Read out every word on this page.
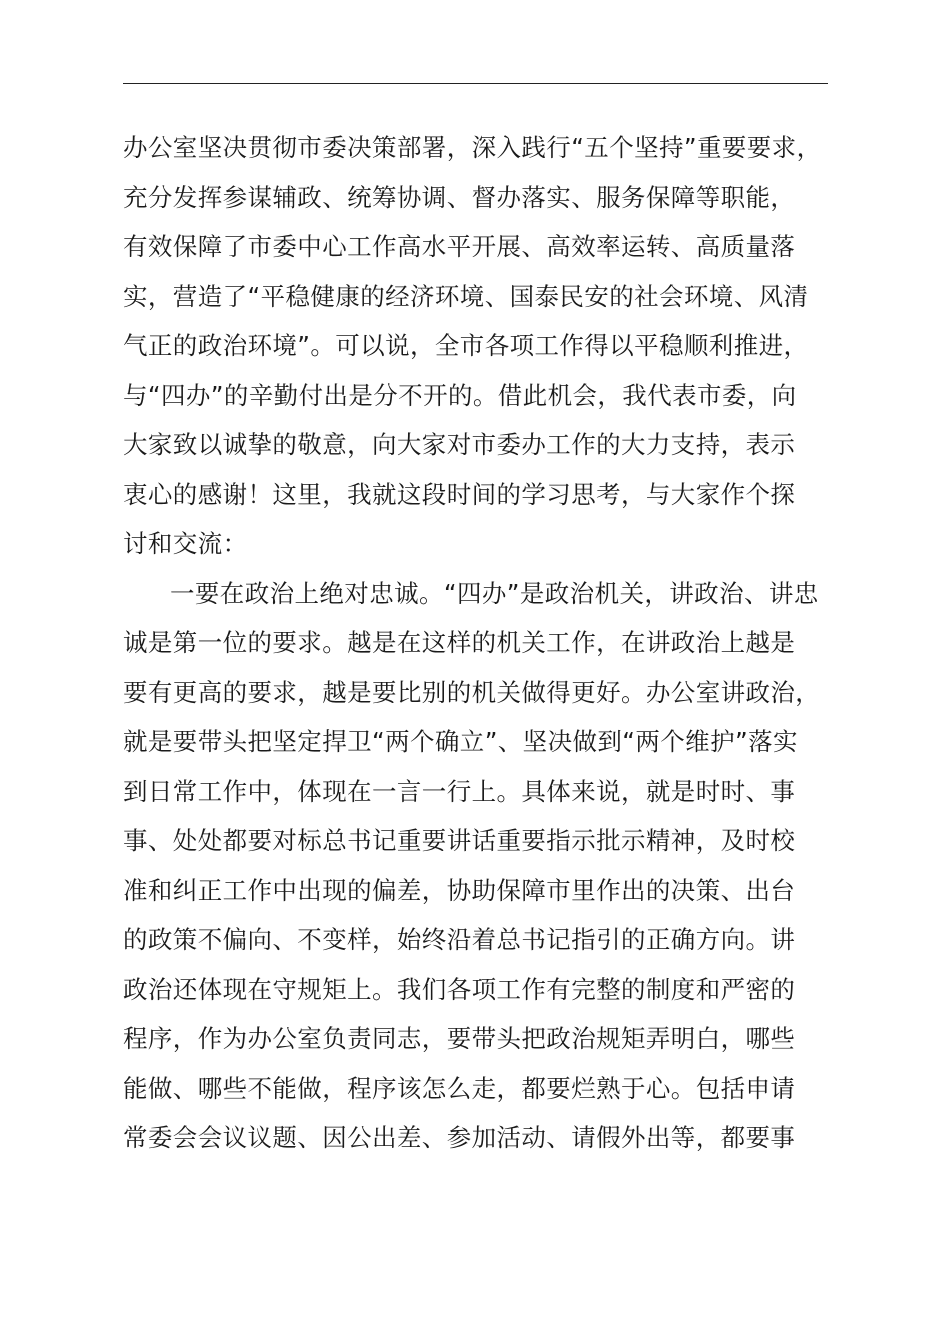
办公室坚决贯彻市委决策部署，深入践行“五个坚持”重要要求，
充分发挥参谋辅政、统筹协调、督办落实、服务保障等职能，
有效保障了市委中心工作高水平开展、高效率运转、高质量落
实，营造了“平稳健康的经济环境、国泰民安的社会环境、风清
气正的政治环境”。可以说，全市各项工作得以平稳顺利推进，
与“四办”的辛勤付出是分不开的。借此机会，我代表市委，向
大家致以诚挚的敬意，向大家对市委办工作的大力支持，表示
衷心的感谢！这里，我就这段时间的学习思考，与大家作个探
讨和交流：
一要在政治上绝对忠诚。“四办”是政治机关，讲政治、讲忠
诚是第一位的要求。越是在这样的机关工作，在讲政治上越是
要有更高的要求，越是要比别的机关做得更好。办公室讲政治，
就是要带头把坚定捍卫“两个确立”、坚决做到“两个维护”落实
到日常工作中，体现在一言一行上。具体来说，就是时时、事
事、处处都要对标总书记重要讲话重要指示批示精神，及时校
准和纠正工作中出现的偏差，协助保障市里作出的决策、出台
的政策不偏向、不变样，始终沿着总书记指引的正确方向。讲
政治还体现在守规矩上。我们各项工作有完整的制度和严密的
程序，作为办公室负责同志，要带头把政治规矩弄明白，哪些
能做、哪些不能做，程序该怎么走，都要烂熟于心。包括申请
常委会会议议题、因公出差、参加活动、请假外出等，都要事
